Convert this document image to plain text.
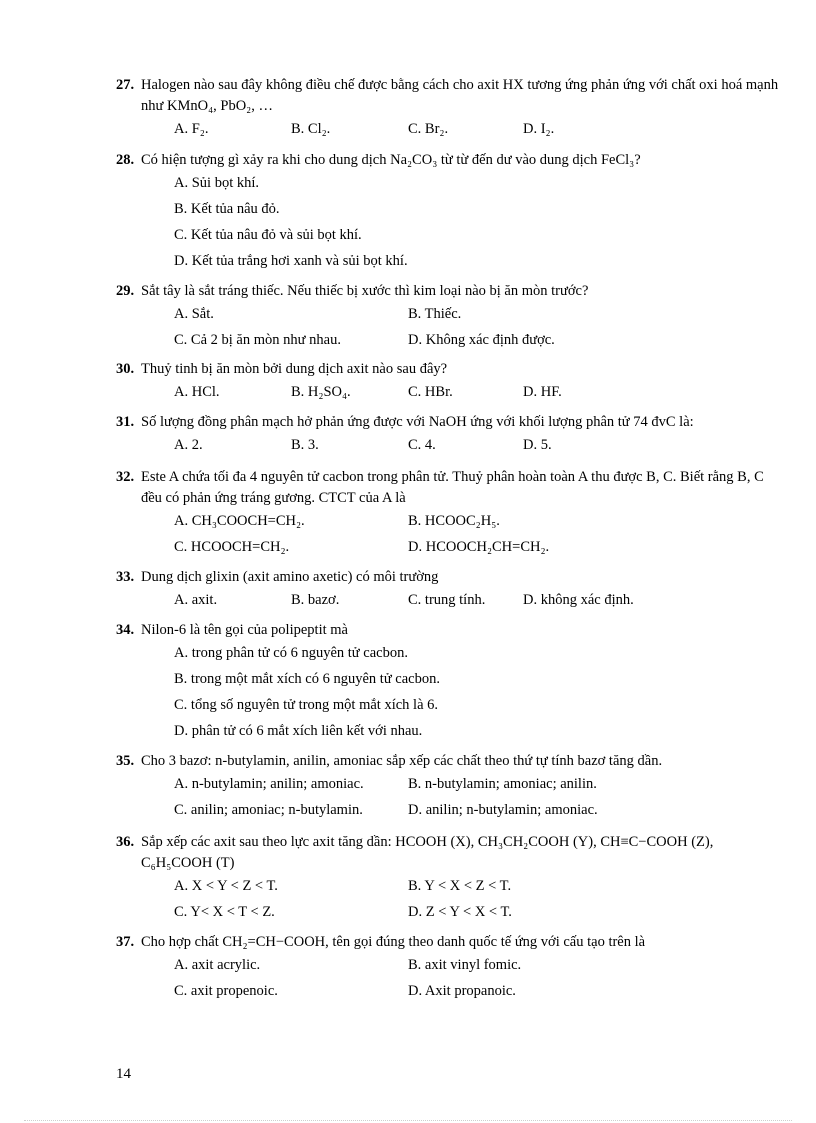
27. Halogen nào sau đây không điều chế được bằng cách cho axit HX tương ứng phản ứng với chất oxi hoá mạnh như KMnO₄, PbO₂, …
A. F₂.	B. Cl₂.	C. Br₂.	D. I₂.
28. Có hiện tượng gì xảy ra khi cho dung dịch Na₂CO₃ từ từ đến dư vào dung dịch FeCl₃?
A. Sủi bọt khí.
B. Kết tủa nâu đỏ.
C. Kết tủa nâu đỏ và sủi bọt khí.
D. Kết tủa trắng hơi xanh và sủi bọt khí.
29. Sắt tây là sắt tráng thiếc. Nếu thiếc bị xước thì kim loại nào bị ăn mòn trước?
A. Sắt.	B. Thiếc.
C. Cả 2 bị ăn mòn như nhau.	D. Không xác định được.
30. Thuỷ tinh bị ăn mòn bởi dung dịch axit nào sau đây?
A. HCl.	B. H₂SO₄.	C. HBr.	D. HF.
31. Số lượng đồng phân mạch hở phản ứng được với NaOH ứng với khối lượng phân tử 74 đvC là:
A. 2.	B. 3.	C. 4.	D. 5.
32. Este A chứa tối đa 4 nguyên tử cacbon trong phân tử. Thuỷ phân hoàn toàn A thu được B, C. Biết rằng B, C đều có phản ứng tráng gương. CTCT của A là
A. CH₃COOCH=CH₂.	B. HCOOC₂H₅.
C. HCOOCH=CH₂.	D. HCOOCH₂CH=CH₂.
33. Dung dịch glixin (axit amino axetic) có môi trường
A. axit.	B. bazơ.	C. trung tính.	D. không xác định.
34. Nilon-6 là tên gọi của polipeptit mà
A. trong phân tử có 6 nguyên tử cacbon.
B. trong một mắt xích có 6 nguyên tử cacbon.
C. tổng số nguyên tử trong một mắt xích là 6.
D. phân tử có 6 mắt xích liên kết với nhau.
35. Cho 3 bazơ: n-butylamin, anilin, amoniac sắp xếp các chất theo thứ tự tính bazơ tăng dần.
A. n-butylamin; anilin; amoniac.	B. n-butylamin; amoniac; anilin.
C. anilin; amoniac; n-butylamin.	D. anilin; n-butylamin; amoniac.
36. Sắp xếp các axit sau theo lực axit tăng dần: HCOOH (X), CH₃CH₂COOH (Y), CH≡C−COOH (Z), C₆H₅COOH (T)
A. X < Y < Z < T.	B. Y < X < Z < T.
C. Y< X < T < Z.	D. Z < Y < X < T.
37. Cho hợp chất CH₂=CH−COOH, tên gọi đúng theo danh quốc tế ứng với cấu tạo trên là
A. axit acrylic.	B. axit vinyl fomic.
C. axit propenoic.	D. Axit propanoic.
14
